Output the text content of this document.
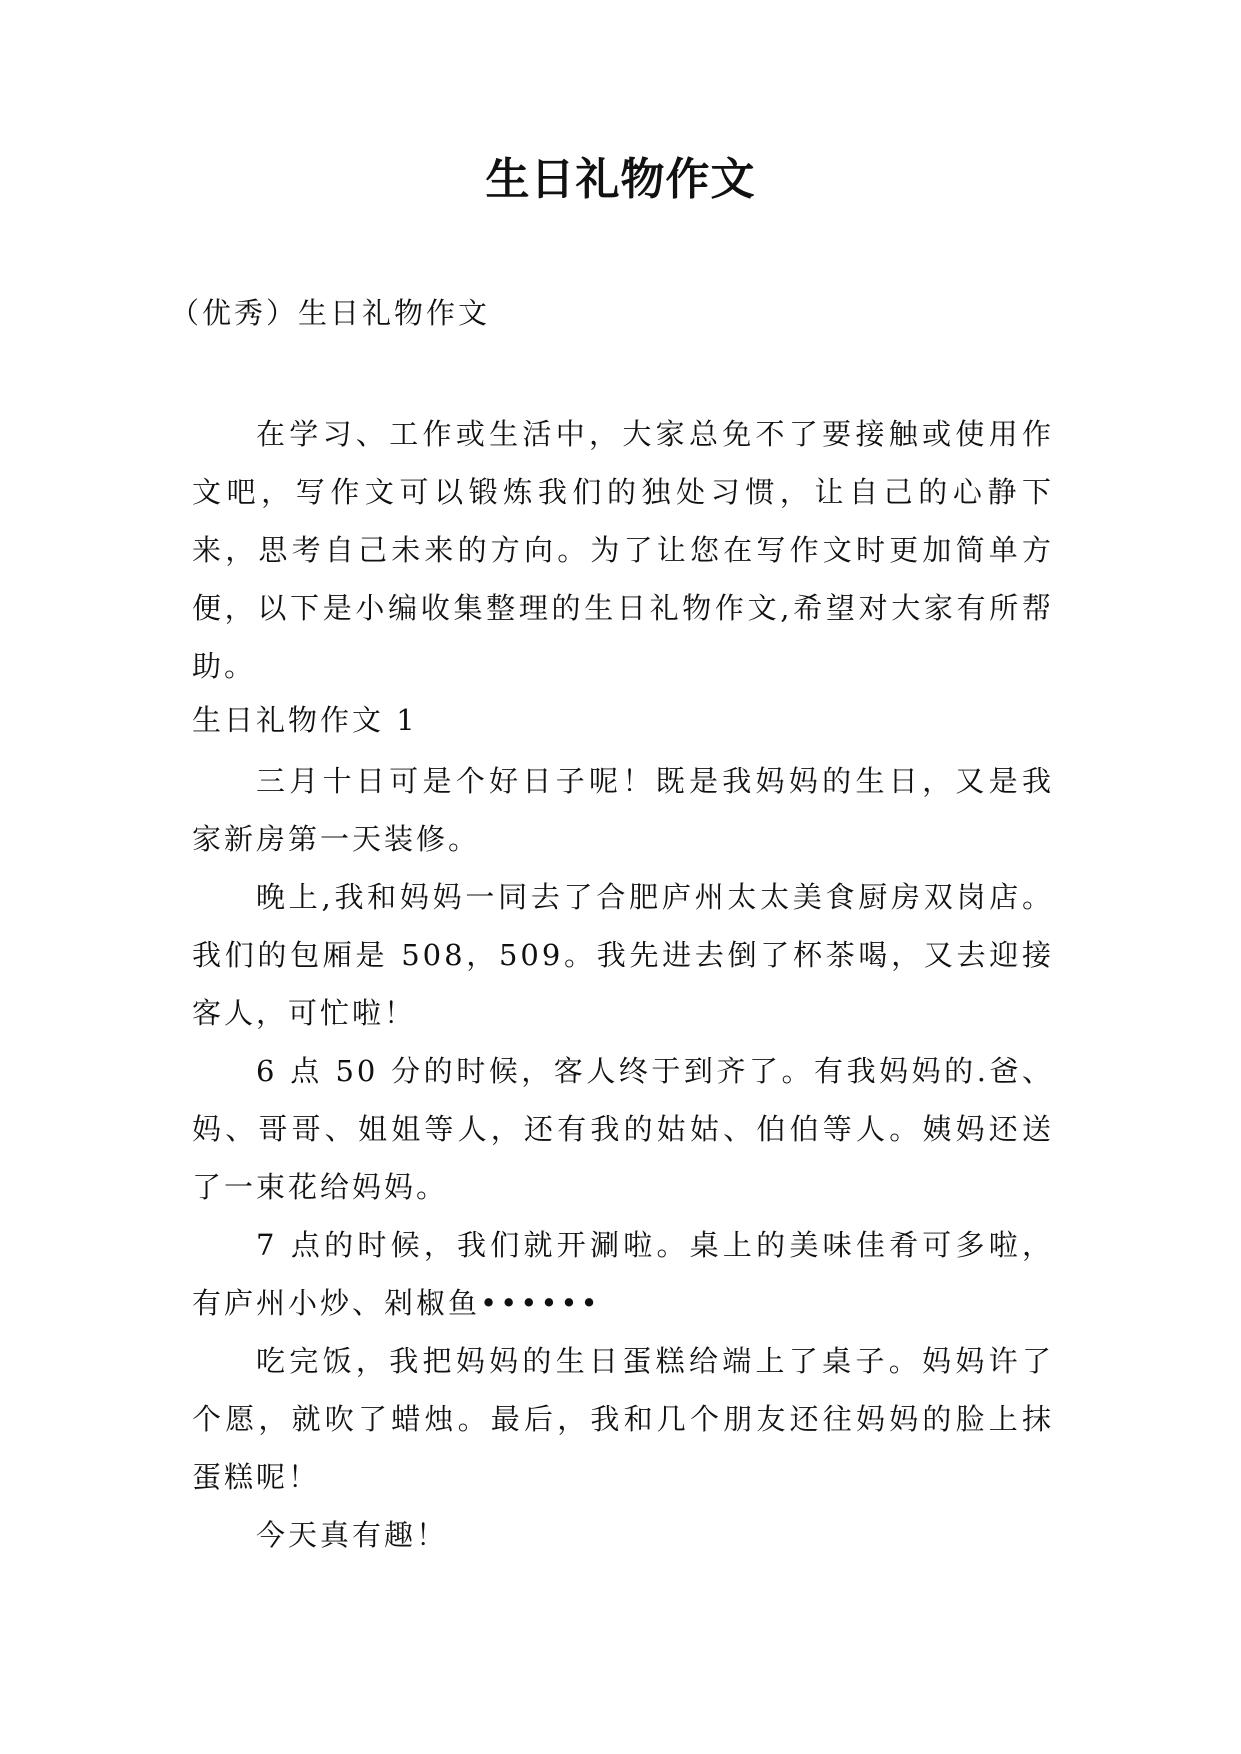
生日礼物作文
（优秀）生日礼物作文

在学习、工作或生活中，大家总免不了要接触或使用作文吧，写作文可以锻炼我们的独处习惯，让自己的心静下来，思考自己未来的方向。为了让您在写作文时更加简单方便，以下是小编收集整理的生日礼物作文,希望对大家有所帮助。

生日礼物作文 1

三月十日可是个好日子呢！既是我妈妈的生日，又是我家新房第一天装修。

晚上,我和妈妈一同去了合肥庐州太太美食厨房双岗店。我们的包厢是 508，509。我先进去倒了杯茶喝，又去迎接客人，可忙啦！

6 点 50 分的时候，客人终于到齐了。有我妈妈的.爸、妈、哥哥、姐姐等人，还有我的姑姑、伯伯等人。姨妈还送了一束花给妈妈。

7 点的时候，我们就开涮啦。桌上的美味佳肴可多啦，有庐州小炒、剁椒鱼••••••

吃完饭，我把妈妈的生日蛋糕给端上了桌子。妈妈许了个愿，就吹了蜡烛。最后，我和几个朋友还往妈妈的脸上抹蛋糕呢！

今天真有趣！
